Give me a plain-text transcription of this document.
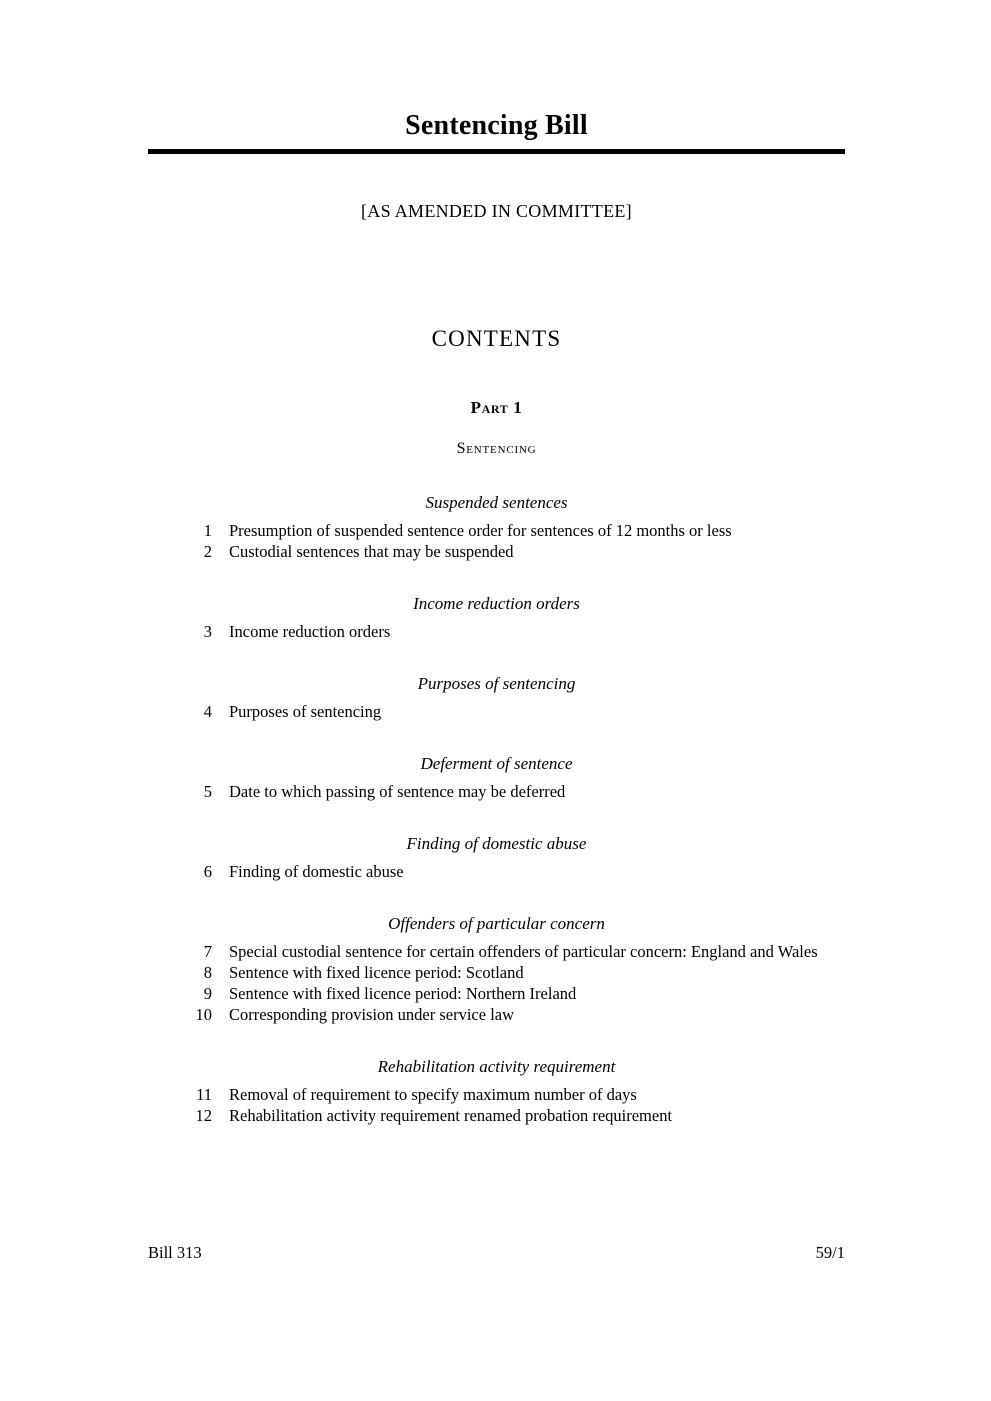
Sentencing Bill
[AS AMENDED IN COMMITTEE]
CONTENTS
Part 1
Sentencing
Suspended sentences
1 Presumption of suspended sentence order for sentences of 12 months or less
2 Custodial sentences that may be suspended
Income reduction orders
3 Income reduction orders
Purposes of sentencing
4 Purposes of sentencing
Deferment of sentence
5 Date to which passing of sentence may be deferred
Finding of domestic abuse
6 Finding of domestic abuse
Offenders of particular concern
7 Special custodial sentence for certain offenders of particular concern: England and Wales
8 Sentence with fixed licence period: Scotland
9 Sentence with fixed licence period: Northern Ireland
10 Corresponding provision under service law
Rehabilitation activity requirement
11 Removal of requirement to specify maximum number of days
12 Rehabilitation activity requirement renamed probation requirement
Bill 313	59/1
